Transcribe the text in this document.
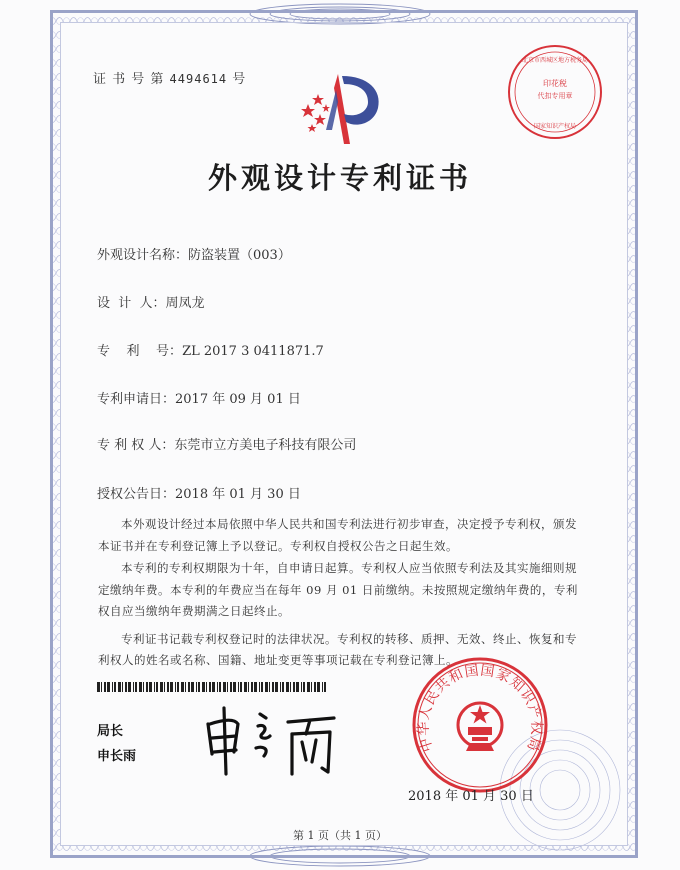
证 书 号 第 4494614 号	印花税
代扣专用章
北京市西城区地方税务局
国家知识产权局
外观设计专利证书
外观设计名称：防盗装置（003）
设  计  人：周凤龙
专    利    号：ZL 2017 3 0411871.7
专利申请日：2017 年 09 月 01 日
专 利 权 人：东莞市立方美电子科技有限公司
授权公告日：2018 年 01 月 30 日

本外观设计经过本局依照中华人民共和国专利法进行初步审查，决定授予专利权，颁发本证书并在专利登记簿上予以登记。专利权自授权公告之日起生效。

本专利的专利权期限为十年，自申请日起算。专利权人应当依照专利法及其实施细则规定缴纳年费。本专利的年费应当在每年 09 月 01 日前缴纳。未按照规定缴纳年费的，专利权自应当缴纳年费期满之日起终止。

专利证书记载专利权登记时的法律状况。专利权的转移、质押、无效、终止、恢复和专利权人的姓名或名称、国籍、地址变更等事项记载在专利登记簿上。

局长
申长雨
中华人民共和国国家知识产权局
2018 年 01 月 30 日
第 1 页（共 1 页）
